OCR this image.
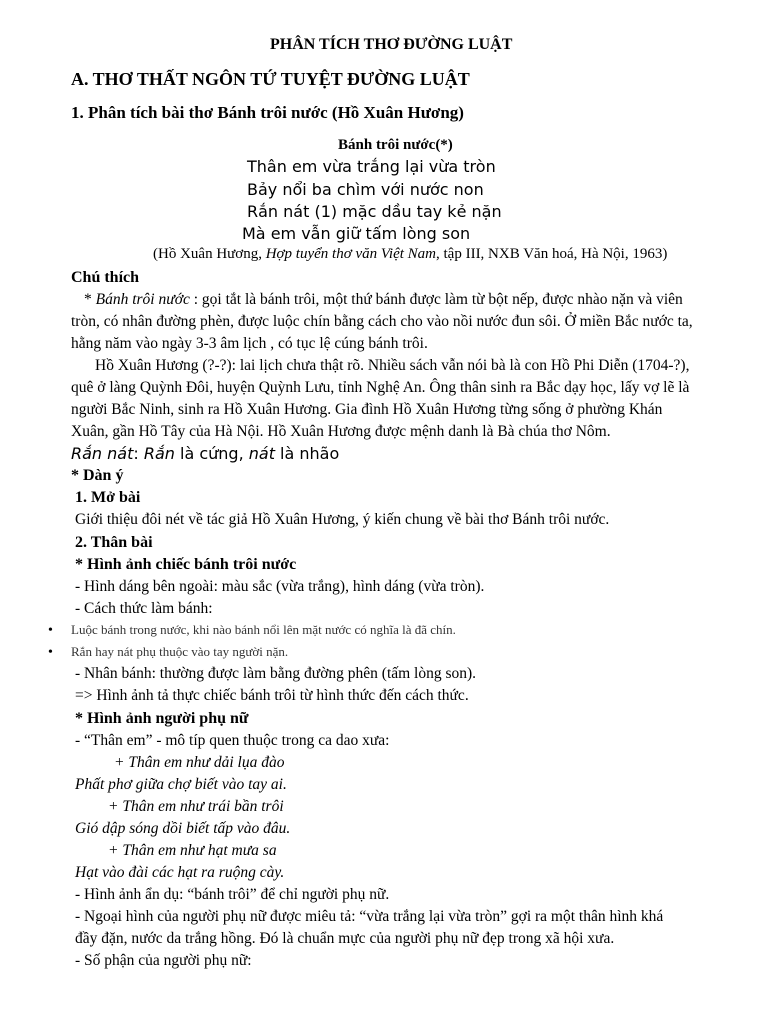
PHÂN TÍCH THƠ ĐƯỜNG LUẬT
A. THƠ THẤT NGÔN TỨ TUYỆT ĐƯỜNG LUẬT
1. Phân tích bài thơ Bánh trôi nước (Hồ Xuân Hương)
Bánh trôi nước(*)
Thân em vừa trắng lại vừa tròn
Bảy nổi ba chìm với nước non
Rắn nát (1) mặc dầu tay kẻ nặn
Mà em vẫn giữ tấm lòng son
(Hồ Xuân Hương, Hợp tuyển thơ văn Việt Nam, tập III, NXB Văn hoá, Hà Nội, 1963)
Chú thích
* Bánh trôi nước : gọi tắt là bánh trôi, một thứ bánh được làm từ bột nếp, được nhào nặn và viên
tròn, có nhân đường phèn, được luộc chín bằng cách cho vào nồi nước đun sôi. Ở miền Bắc nước ta,
hằng năm vào ngày 3-3 âm lịch , có tục lệ cúng bánh trôi.
Hồ Xuân Hương (?-?): lai lịch chưa thật rõ. Nhiều sách vẫn nói bà là con Hồ Phi Diễn (1704-?),
quê ở làng Quỳnh Đôi, huyện Quỳnh Lưu, tỉnh Nghệ An. Ông thân sinh ra Bắc dạy học, lấy vợ lẽ là
người Bắc Ninh, sinh ra Hồ Xuân Hương. Gia đình Hồ Xuân Hương từng sống ở phường Khán
Xuân, gần Hồ Tây của Hà Nội. Hồ Xuân Hương được mệnh danh là Bà chúa thơ Nôm.
Rắn nát: Rắn là cứng, nát là nhão
* Dàn ý
1. Mở bài
Giới thiệu đôi nét về tác giả Hồ Xuân Hương, ý kiến chung về bài thơ Bánh trôi nước.
2. Thân bài
* Hình ảnh chiếc bánh trôi nước
- Hình dáng bên ngoài: màu sắc (vừa trắng), hình dáng (vừa tròn).
- Cách thức làm bánh:
• Luộc bánh trong nước, khi nào bánh nổi lên mặt nước có nghĩa là đã chín.
• Rắn hay nát phụ thuộc vào tay người nặn.
- Nhân bánh: thường được làm bằng đường phên (tấm lòng son).
=> Hình ảnh tả thực chiếc bánh trôi từ hình thức đến cách thức.
* Hình ảnh người phụ nữ
- “Thân em” - mô típ quen thuộc trong ca dao xưa:
+ Thân em như dải lụa đào
Phất phơ giữa chợ biết vào tay ai.
+ Thân em như trái bần trôi
Gió dập sóng dồi biết tấp vào đâu.
+ Thân em như hạt mưa sa
Hạt vào đài các hạt ra ruộng cày.
- Hình ảnh ẩn dụ: “bánh trôi” để chỉ người phụ nữ.
- Ngoại hình của người phụ nữ được miêu tả: “vừa trắng lại vừa tròn” gợi ra một thân hình khá
đầy đặn, nước da trắng hồng. Đó là chuẩn mực của người phụ nữ đẹp trong xã hội xưa.
- Số phận của người phụ nữ:
